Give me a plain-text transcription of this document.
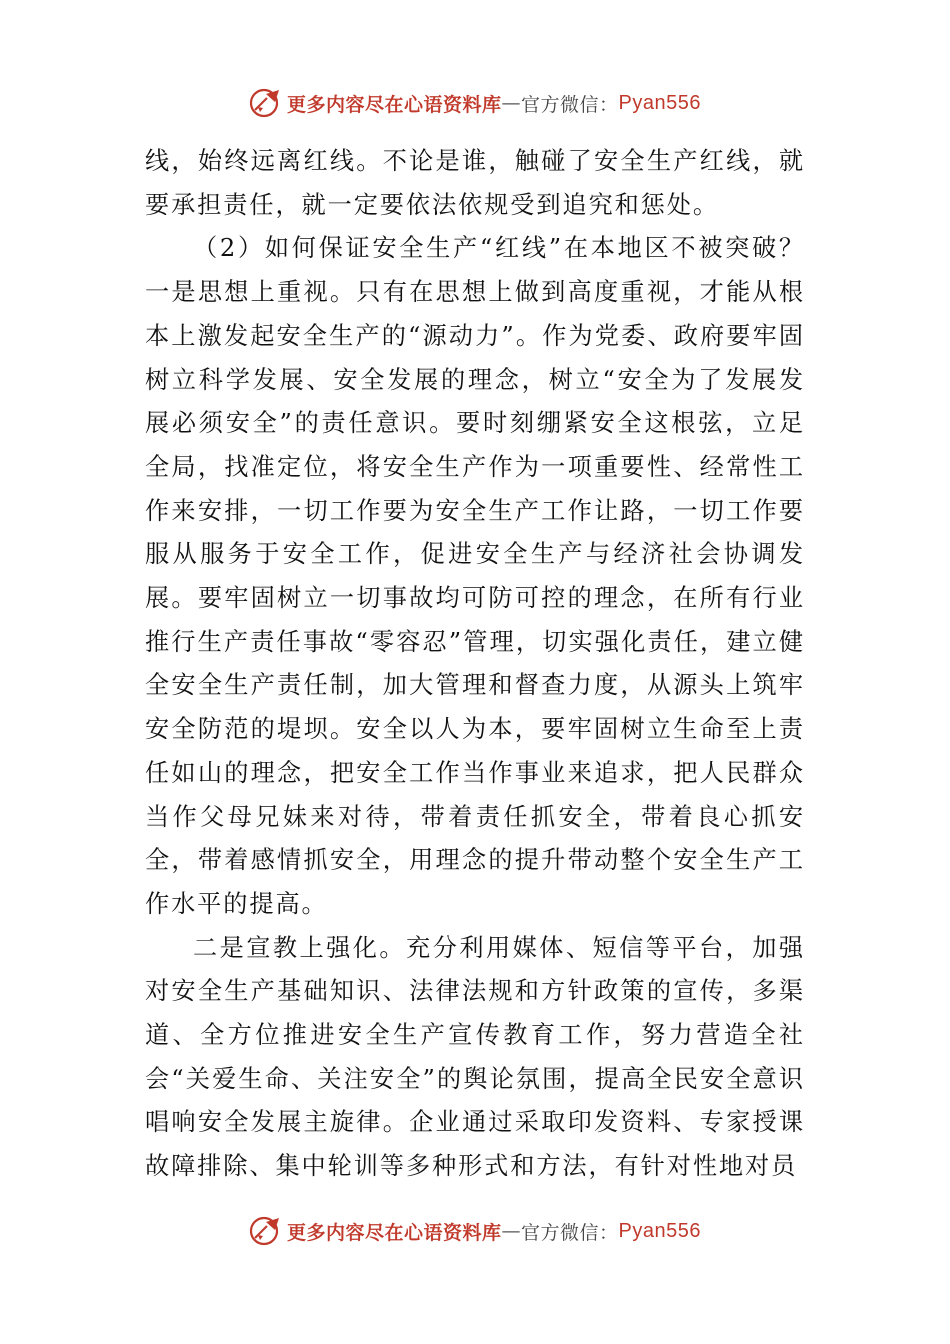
更多内容尽在心语资料库 — 官方微信： Pyan556

线，始终远离红线。不论是谁，触碰了安全生产红线，就要承担责任，就一定要依法依规受到追究和惩处。

（2）如何保证安全生产“红线”在本地区不被突破？一是思想上重视。只有在思想上做到高度重视，才能从根本上激发起安全生产的“源动力”。作为党委、政府要牢固树立科学发展、安全发展的理念，树立“安全为了发展发展必须安全”的责任意识。要时刻绷紧安全这根弦，立足全局，找准定位，将安全生产作为一项重要性、经常性工作来安排，一切工作要为安全生产工作让路，一切工作要服从服务于安全工作，促进安全生产与经济社会协调发展。要牢固树立一切事故均可防可控的理念，在所有行业推行生产责任事故“零容忍”管理，切实强化责任，建立健全安全生产责任制，加大管理和督查力度，从源头上筑牢安全防范的堤坝。安全以人为本，要牢固树立生命至上责任如山的理念，把安全工作当作事业来追求，把人民群众当作父母兄妹来对待，带着责任抓安全，带着良心抓安全，带着感情抓安全，用理念的提升带动整个安全生产工作水平的提高。

二是宣教上强化。充分利用媒体、短信等平台，加强对安全生产基础知识、法律法规和方针政策的宣传，多渠道、全方位推进安全生产宣传教育工作，努力营造全社会“关爱生命、关注安全”的舆论氛围，提高全民安全意识唱响安全发展主旋律。企业通过采取印发资料、专家授课故障排除、集中轮训等多种形式和方法，有针对性地对员

更多内容尽在心语资料库 — 官方微信： Pyan556
